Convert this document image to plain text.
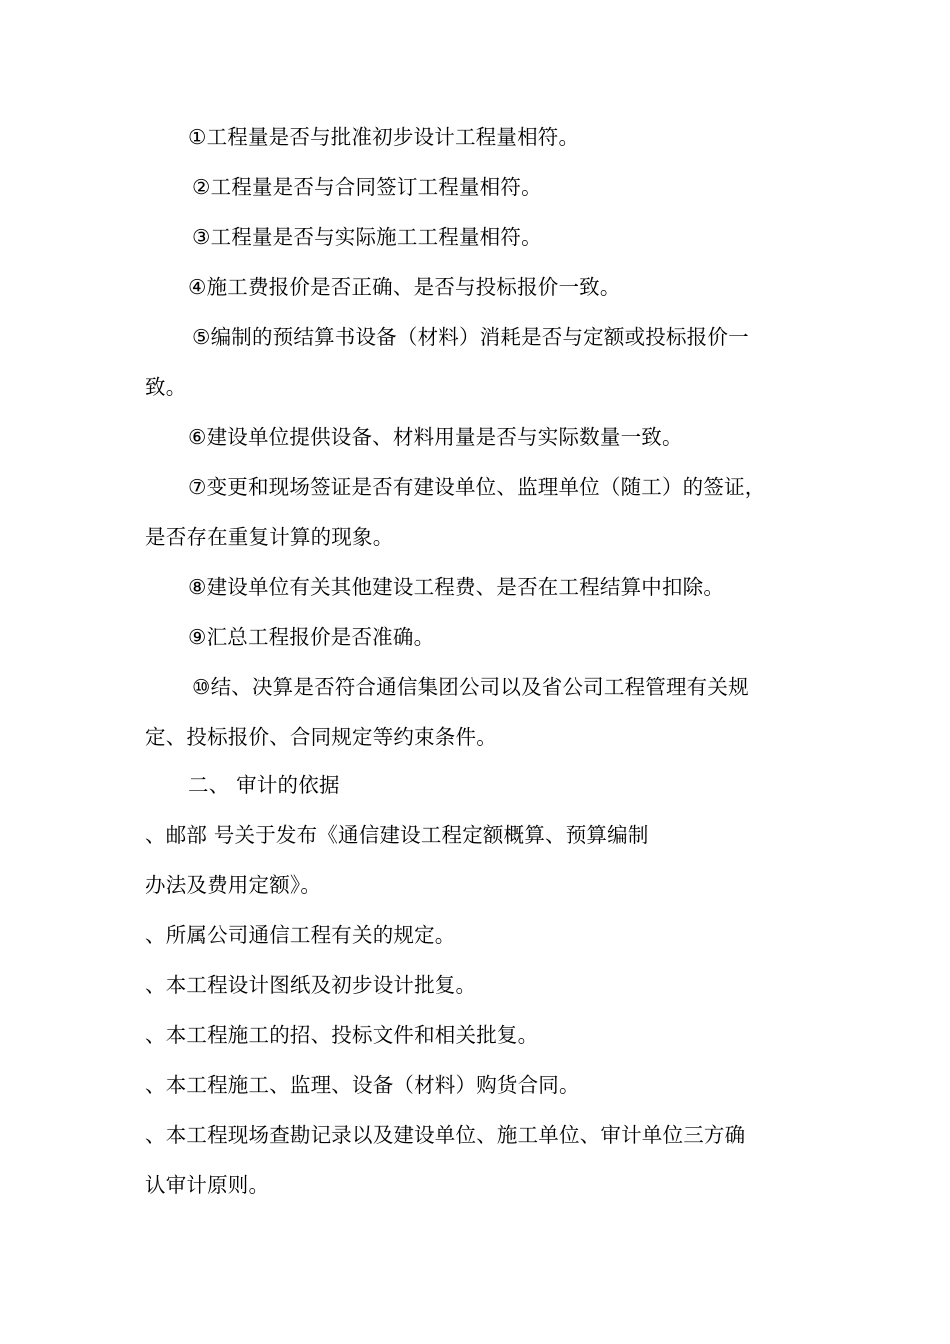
①工程量是否与批准初步设计工程量相符。
②工程量是否与合同签订工程量相符。
③工程量是否与实际施工工程量相符。
④施工费报价是否正确、是否与投标报价一致。
⑤编制的预结算书设备（材料）消耗是否与定额或投标报价一
致。
⑥建设单位提供设备、材料用量是否与实际数量一致。
⑦变更和现场签证是否有建设单位、监理单位（随工）的签证，
是否存在重复计算的现象。
⑧建设单位有关其他建设工程费、是否在工程结算中扣除。
⑨汇总工程报价是否准确。
⑩结、决算是否符合通信集团公司以及省公司工程管理有关规
定、投标报价、合同规定等约束条件。
二、 审计的依据
、邮部 号关于发布《通信建设工程定额概算、预算编制
办法及费用定额》。
、所属公司通信工程有关的规定。
、本工程设计图纸及初步设计批复。
、本工程施工的招、投标文件和相关批复。
、本工程施工、监理、设备（材料）购货合同。
、本工程现场查勘记录以及建设单位、施工单位、审计单位三方确
认审计原则。
